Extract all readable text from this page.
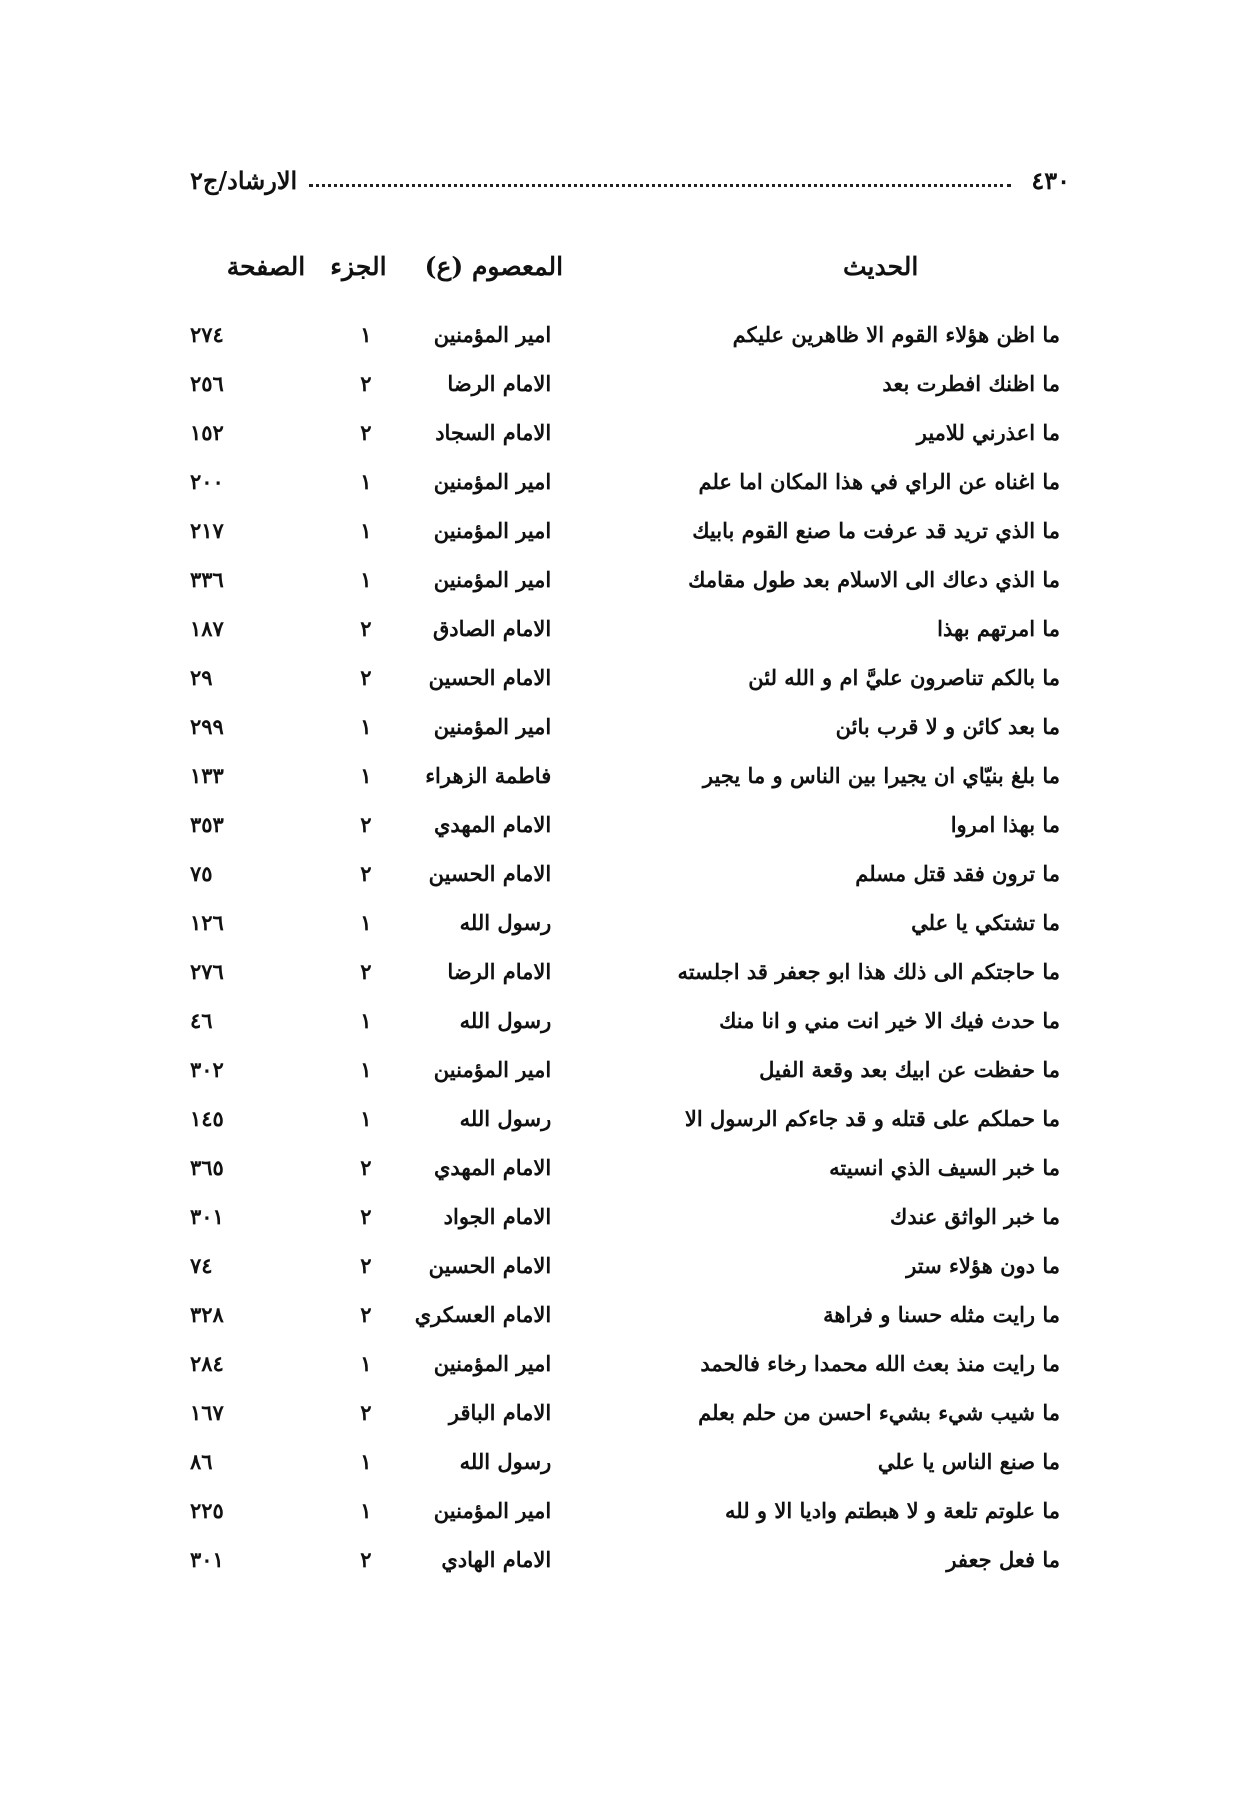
٤٣٠
الارشاد/ج٢
الحديث	المعصوم (ع)	الجزء	الصفحة

ما اظن هؤلاء القوم الا ظاهرين عليكم	امير المؤمنين	١	٢٧٤
ما اظنك افطرت بعد	الامام الرضا	٢	٢٥٦
ما اعذرني للامير	الامام السجاد	٢	١٥٢
ما اغناه عن الراي في هذا المكان اما علم	امير المؤمنين	١	٢٠٠
ما الذي تريد قد عرفت ما صنع القوم بابيك	امير المؤمنين	١	٢١٧
ما الذي دعاك الى الاسلام بعد طول مقامك	امير المؤمنين	١	٣٣٦
ما امرتهم بهذا	الامام الصادق	٢	١٨٧
ما بالكم تناصرون عليَّ ام و الله لئن	الامام الحسين	٢	٢٩
ما بعد كائن و لا قرب بائن	امير المؤمنين	١	٢٩٩
ما بلغ بنيّاي ان يجيرا بين الناس و ما يجير	فاطمة الزهراء	١	١٣٣
ما بهذا امروا	الامام المهدي	٢	٣٥٣
ما ترون فقد قتل مسلم	الامام الحسين	٢	٧٥
ما تشتكي يا علي	رسول الله	١	١٢٦
ما حاجتكم الى ذلك هذا ابو جعفر قد اجلسته	الامام الرضا	٢	٢٧٦
ما حدث فيك الا خير انت مني و انا منك	رسول الله	١	٤٦
ما حفظت عن ابيك بعد وقعة الفيل	امير المؤمنين	١	٣٠٢
ما حملكم على قتله و قد جاءكم الرسول الا	رسول الله	١	١٤٥
ما خبر السيف الذي انسيته	الامام المهدي	٢	٣٦٥
ما خبر الواثق عندك	الامام الجواد	٢	٣٠١
ما دون هؤلاء ستر	الامام الحسين	٢	٧٤
ما رايت مثله حسنا و فراهة	الامام العسكري	٢	٣٢٨
ما رايت منذ بعث الله محمدا رخاء فالحمد	امير المؤمنين	١	٢٨٤
ما شيب شيء بشيء احسن من حلم بعلم	الامام الباقر	٢	١٦٧
ما صنع الناس يا علي	رسول الله	١	٨٦
ما علوتم تلعة و لا هبطتم واديا الا و لله	امير المؤمنين	١	٢٢٥
ما فعل جعفر	الامام الهادي	٢	٣٠١
